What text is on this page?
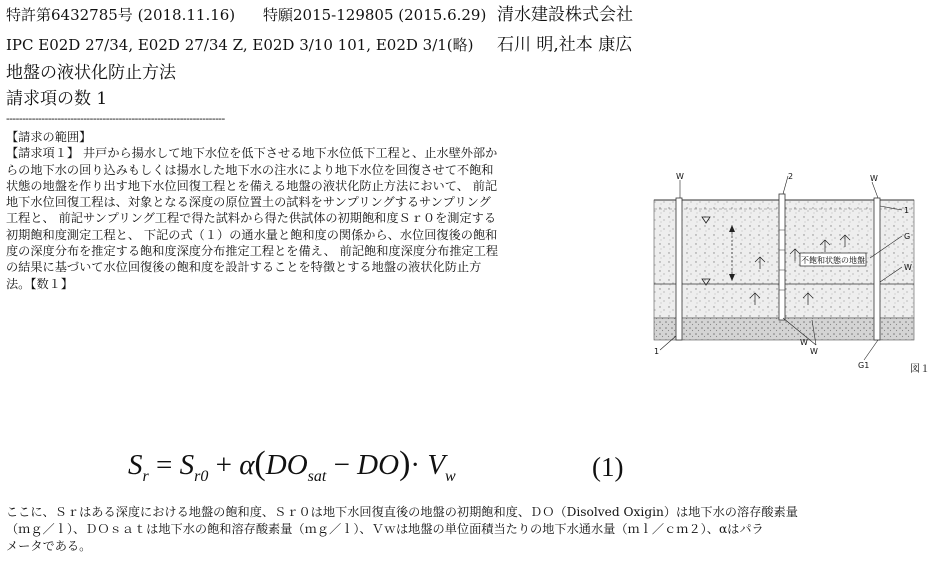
特許第6432785号 (2018.11.16) 特願2015-129805 (2015.6.29) 清水建設株式会社
IPC E02D 27/34, E02D 27/34 Z, E02D 3/10 101, E02D 3/1(略) 石川 明,社本 康広
地盤の液状化防止方法
請求項の数 1
--------------------------------------------------------------------

【請求の範囲】

【請求項１】 井戸から揚水して地下水位を低下させる地下水位低下工程と、止水壁外部か

らの地下水の回り込みもしくは揚水した地下水の注水により地下水位を回復させて不飽和

状態の地盤を作り出す地下水位回復工程とを備える地盤の液状化防止方法において、 前記

地下水位回復工程は、対象となる深度の原位置土の試料をサンプリングするサンプリング

工程と、 前記サンプリング工程で得た試料から得た供試体の初期飽和度Ｓｒ０を測定する

初期飽和度測定工程と、 下記の式（１）の通水量と飽和度の関係から、水位回復後の飽和

度の深度分布を推定する飽和度深度分布推定工程とを備え、 前記飽和度深度分布推定工程

の結果に基づいて水位回復後の飽和度を設計することを特徴とする地盤の液状化防止方

法。【数１】

不飽和状態の地盤
W	2	W
1
G
W
1	W
W
G1	図１
$S_r = S_{r0} + \alpha(DO_{sat} - DO)\cdot V_w$	(1)

ここに、Ｓｒはある深度における地盤の飽和度、Ｓｒ０は地下水回復直後の地盤の初期飽和度、ＤＯ（Disolved Oxigin）は地下水の溶存酸素量

（ｍｇ／ｌ）、ＤＯｓａｔは地下水の飽和溶存酸素量（ｍｇ／ｌ）、Ｖｗは地盤の単位面積当たりの地下水通水量（ｍｌ／ｃｍ２）、αはパラ

メータである。
